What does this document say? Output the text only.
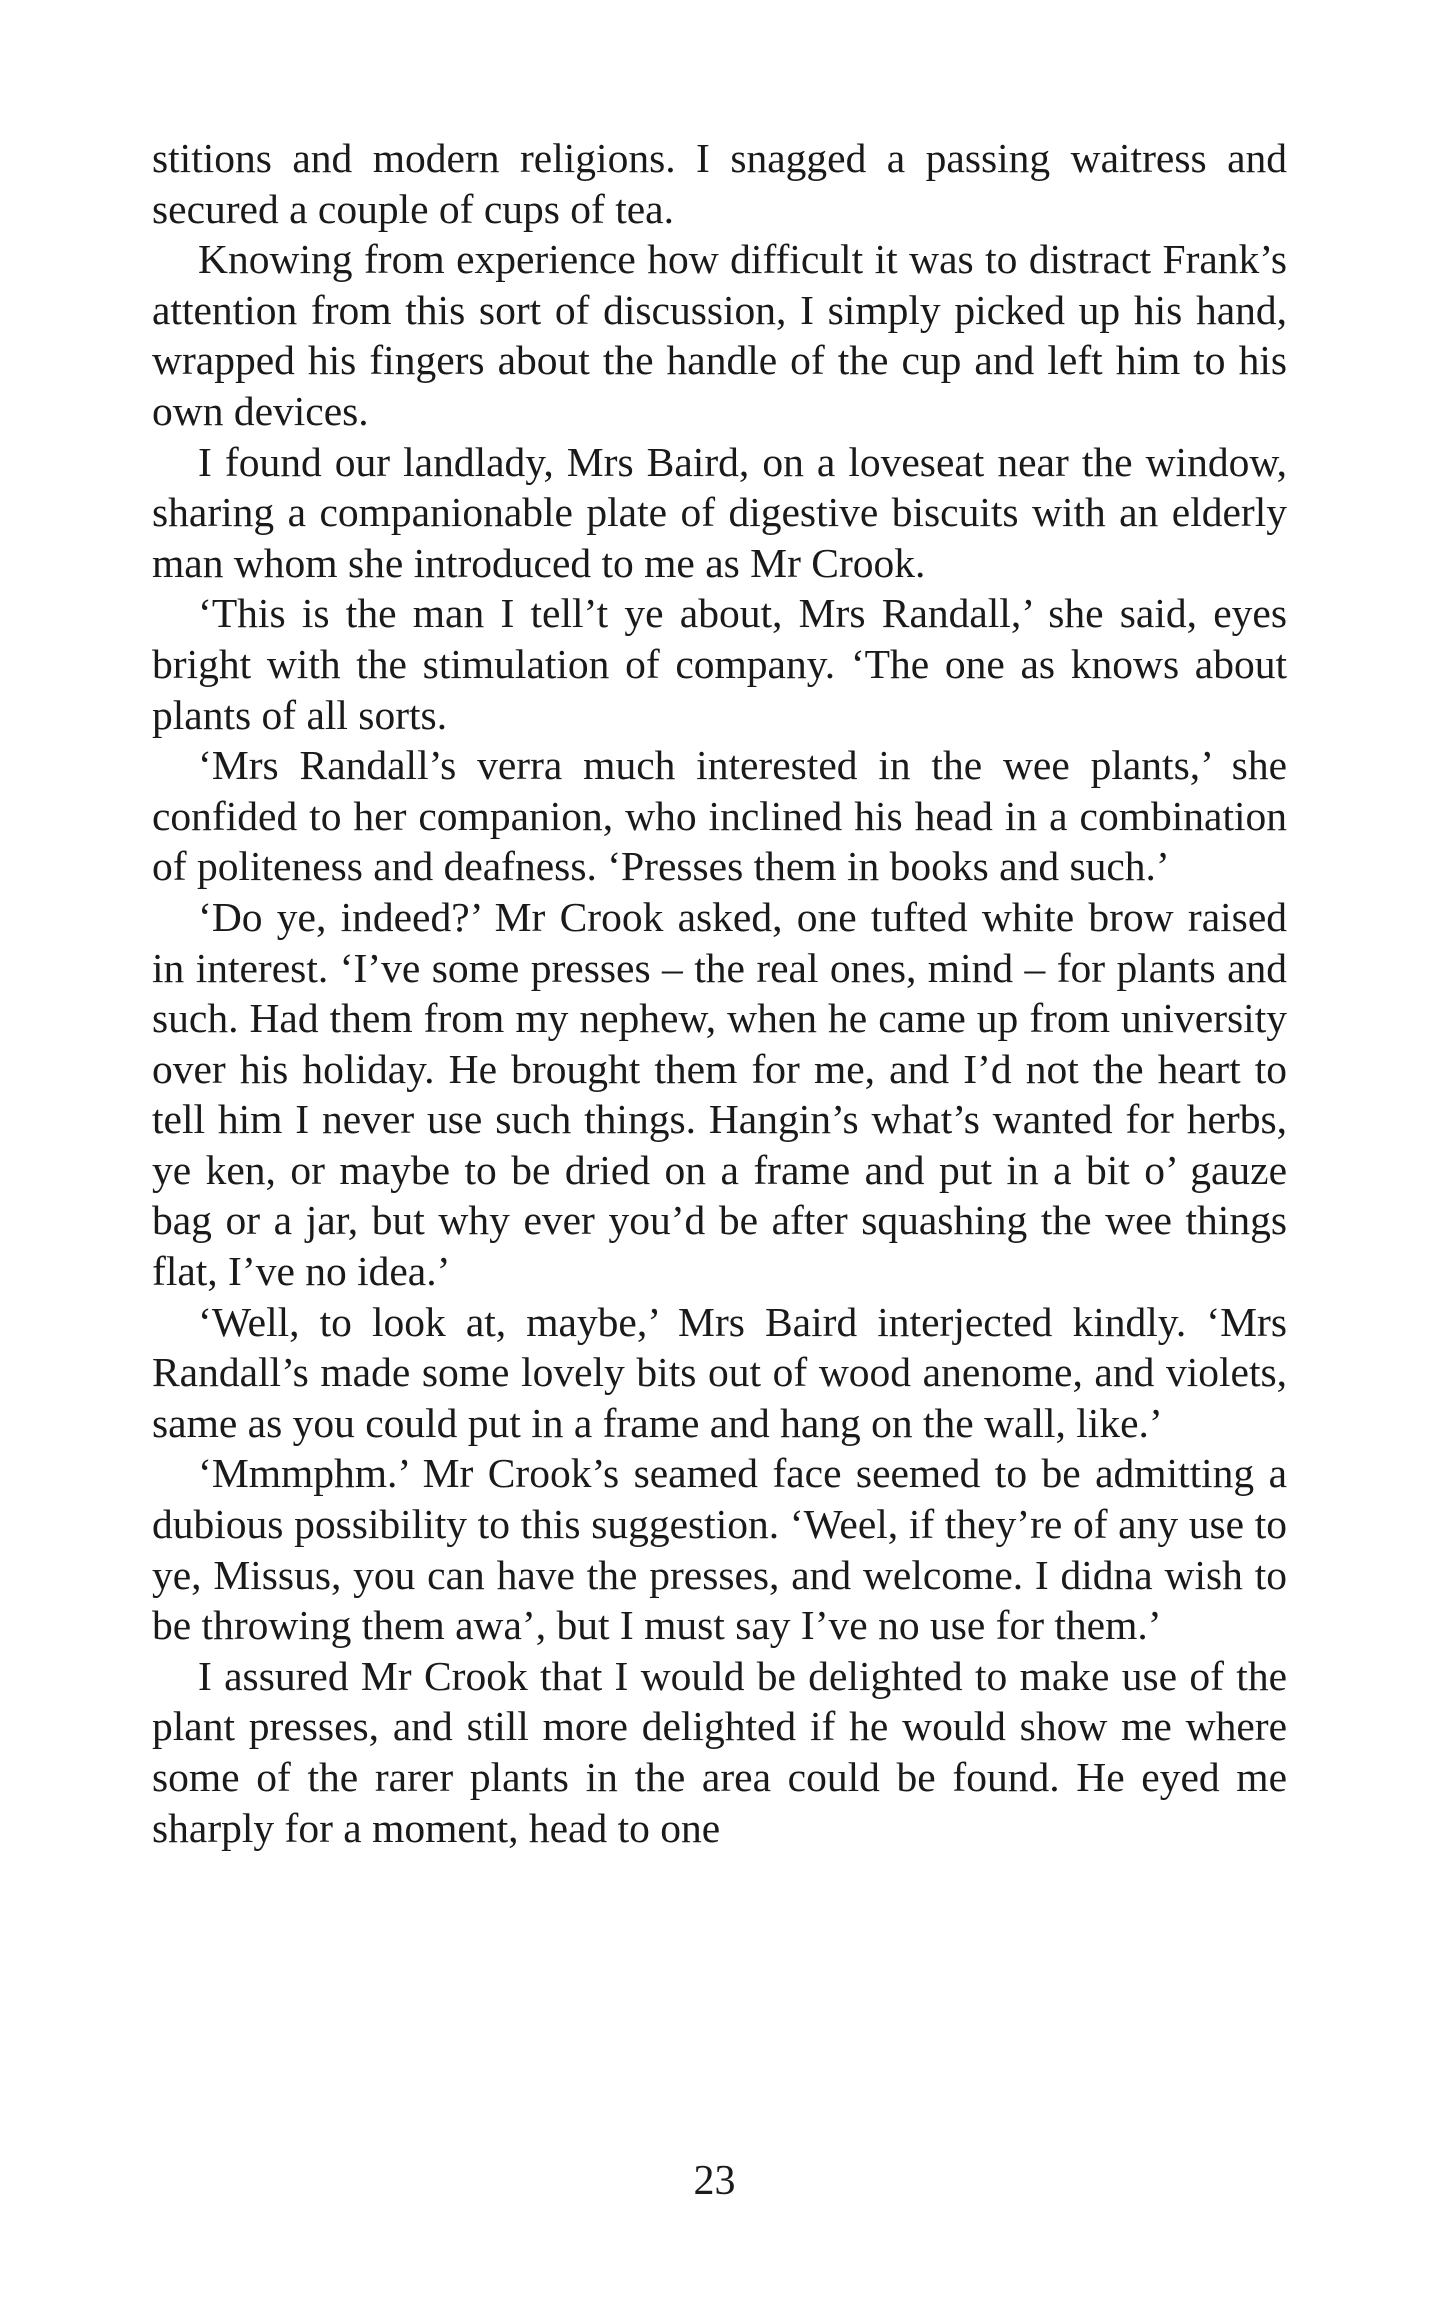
stitions and modern religions. I snagged a passing waitress and secured a couple of cups of tea.

Knowing from experience how difficult it was to distract Frank’s attention from this sort of discussion, I simply picked up his hand, wrapped his fingers about the handle of the cup and left him to his own devices.

I found our landlady, Mrs Baird, on a loveseat near the window, sharing a companionable plate of digestive biscuits with an elderly man whom she introduced to me as Mr Crook.

‘This is the man I tell’t ye about, Mrs Randall,’ she said, eyes bright with the stimulation of company. ‘The one as knows about plants of all sorts.

‘Mrs Randall’s verra much interested in the wee plants,’ she confided to her companion, who inclined his head in a combination of politeness and deafness. ‘Presses them in books and such.’

‘Do ye, indeed?’ Mr Crook asked, one tufted white brow raised in interest. ‘I’ve some presses – the real ones, mind – for plants and such. Had them from my nephew, when he came up from university over his holiday. He brought them for me, and I’d not the heart to tell him I never use such things. Hangin’s what’s wanted for herbs, ye ken, or maybe to be dried on a frame and put in a bit o’ gauze bag or a jar, but why ever you’d be after squashing the wee things flat, I’ve no idea.’

‘Well, to look at, maybe,’ Mrs Baird interjected kindly. ‘Mrs Randall’s made some lovely bits out of wood anenome, and violets, same as you could put in a frame and hang on the wall, like.’

‘Mmmphm.’ Mr Crook’s seamed face seemed to be admitting a dubious possibility to this suggestion. ‘Weel, if they’re of any use to ye, Missus, you can have the presses, and welcome. I didna wish to be throwing them awa’, but I must say I’ve no use for them.’

I assured Mr Crook that I would be delighted to make use of the plant presses, and still more delighted if he would show me where some of the rarer plants in the area could be found. He eyed me sharply for a moment, head to one

23
